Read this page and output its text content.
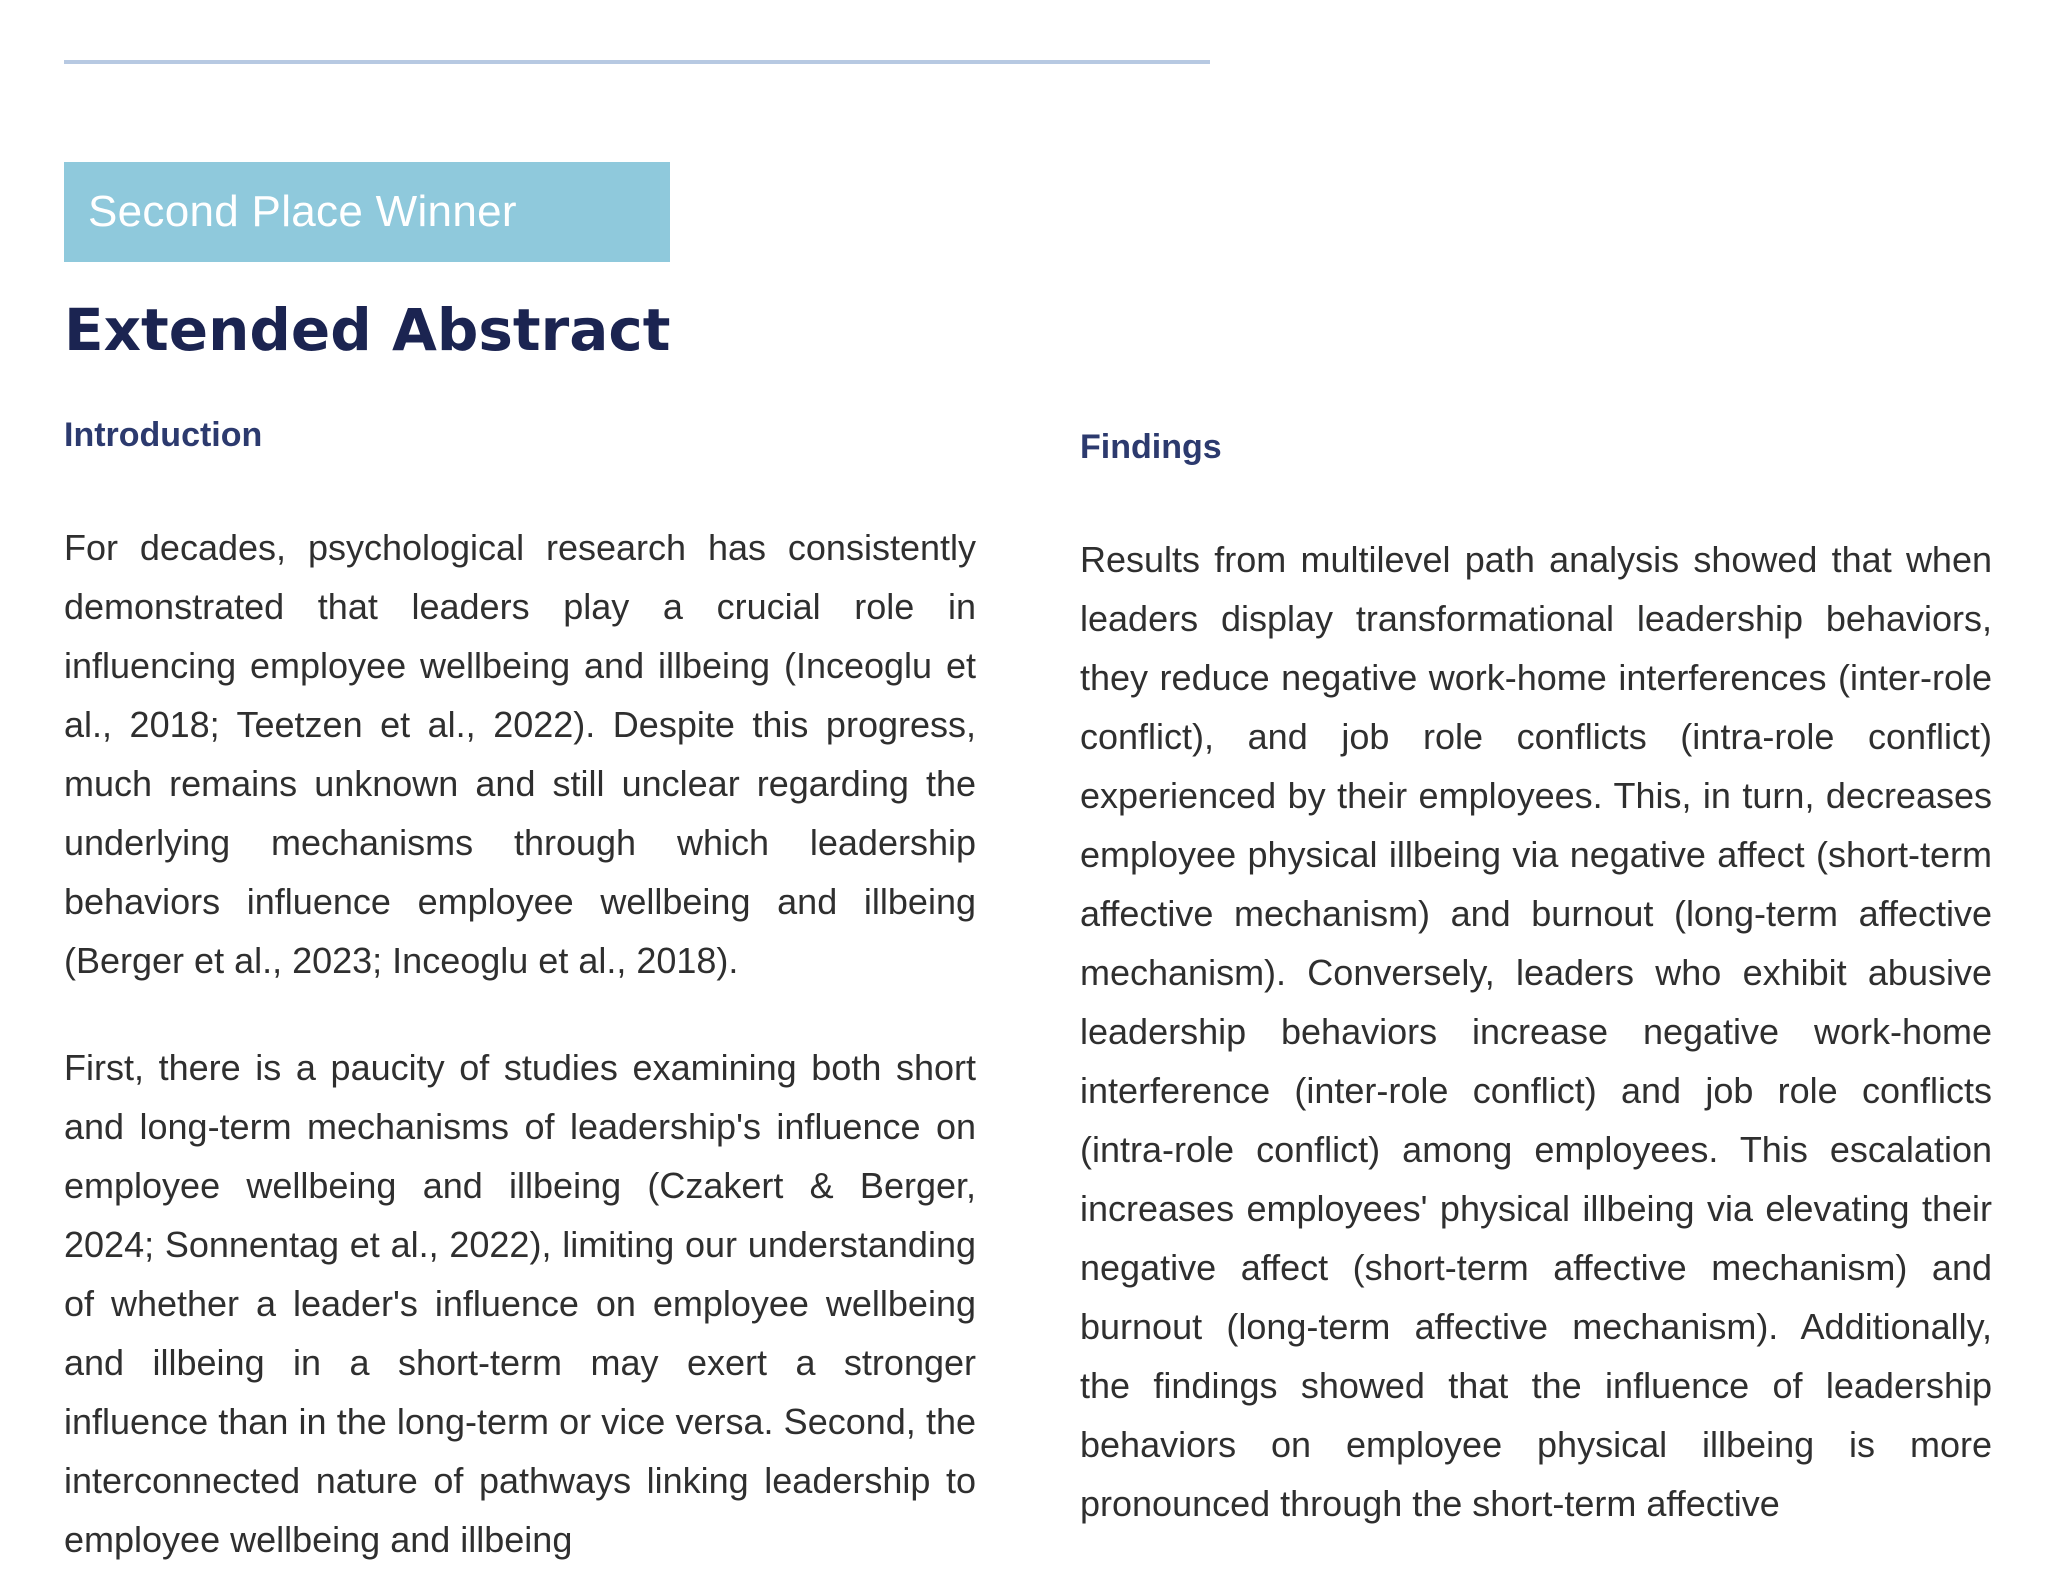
Second Place Winner
Extended Abstract
Introduction

For decades, psychological research has consistently demonstrated that leaders play a crucial role in influencing employee wellbeing and illbeing (Inceoglu et al., 2018; Teetzen et al., 2022). Despite this progress, much remains unknown and still unclear regarding the underlying mechanisms through which leadership behaviors influence employee wellbeing and illbeing (Berger et al., 2023; Inceoglu et al., 2018).

First, there is a paucity of studies examining both short and long-term mechanisms of leadership's influence on employee wellbeing and illbeing (Czakert & Berger, 2024; Sonnentag et al., 2022), limiting our understanding of whether a leader's influence on employee wellbeing and illbeing in a short-term may exert a stronger influence than in the long-term or vice versa. Second, the interconnected nature of pathways linking leadership to employee wellbeing and illbeing

Findings

Results from multilevel path analysis showed that when leaders display transformational leadership behaviors, they reduce negative work-home interferences (inter-role conflict), and job role conflicts (intra-role conflict) experienced by their employees. This, in turn, decreases employee physical illbeing via negative affect (short-term affective mechanism) and burnout (long-term affective mechanism). Conversely, leaders who exhibit abusive leadership behaviors increase negative work-home interference (inter-role conflict) and job role conflicts (intra-role conflict) among employees. This escalation increases employees' physical illbeing via elevating their negative affect (short-term affective mechanism) and burnout (long-term affective mechanism). Additionally, the findings showed that the influence of leadership behaviors on employee physical illbeing is more pronounced through the short-term affective
